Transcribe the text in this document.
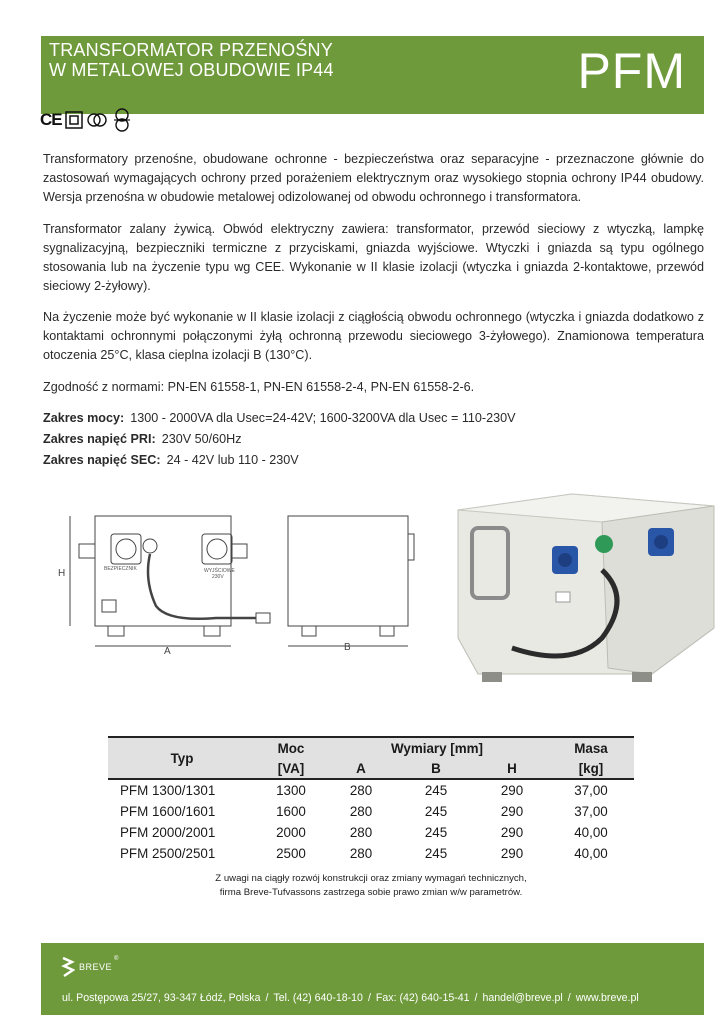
TRANSFORMATOR PRZENOŚNY
W METALOWEJ OBUDOWIE IP44	PFM
CE

Transformatory przenośne, obudowane ochronne - bezpieczeństwa oraz separacyjne - przeznaczone głównie do zastosowań wymagających ochrony przed porażeniem elektrycznym oraz wysokiego stopnia ochrony IP44 obudowy. Wersja przenośna w obudowie metalowej odizolowanej od obwodu ochronnego i transformatora.

Transformator zalany żywicą. Obwód elektryczny zawiera: transformator, przewód sieciowy z wtyczką, lampkę sygnalizacyjną, bezpieczniki termiczne z przyciskami, gniazda wyjściowe. Wtyczki i gniazda są typu ogólnego stosowania lub na życzenie typu wg CEE. Wykonanie w II klasie izolacji (wtyczka i gniazda 2-kontaktowe, przewód sieciowy 2-żyłowy).

Na życzenie może być wykonanie w II klasie izolacji z ciągłością obwodu ochronnego (wtyczka i gniazda dodatkowo z kontaktami ochronnymi połączonymi żyłą ochronną przewodu sieciowego 3-żyłowego). Znamionowa temperatura otoczenia 25°C, klasa cieplna izolacji B (130°C).

Zgodność z normami: PN-EN 61558-1, PN-EN 61558-2-4, PN-EN 61558-2-6.

Zakres mocy: 1300 - 2000VA dla Usec=24-42V; 1600-3200VA dla Usec = 110-230V
Zakres napięć PRI: 230V 50/60Hz
Zakres napięć SEC: 24 - 42V lub 110 - 230V
BEZPIECZNIK	WYJŚCIOWE
230V
A	B
H
Typ	Moc	Wymiary [mm]			Masa
	[VA]	A	B	H	[kg]
PFM 1300/1301	1300	280	245	290	37,00
PFM 1600/1601	1600	280	245	290	37,00
PFM 2000/2001	2000	280	245	290	40,00
PFM 2500/2501	2500	280	245	290	40,00
Z uwagi na ciągły rozwój konstrukcji oraz zmiany wymagań technicznych,
firma Breve-Tufvassons zastrzega sobie prawo zmian w/w parametrów.
BREVE
®
ul. Postępowa 25/27, 93-347 Łódź, Polska / Tel. (42) 640-18-10 / Fax: (42) 640-15-41 / handel@breve.pl / www.breve.pl
